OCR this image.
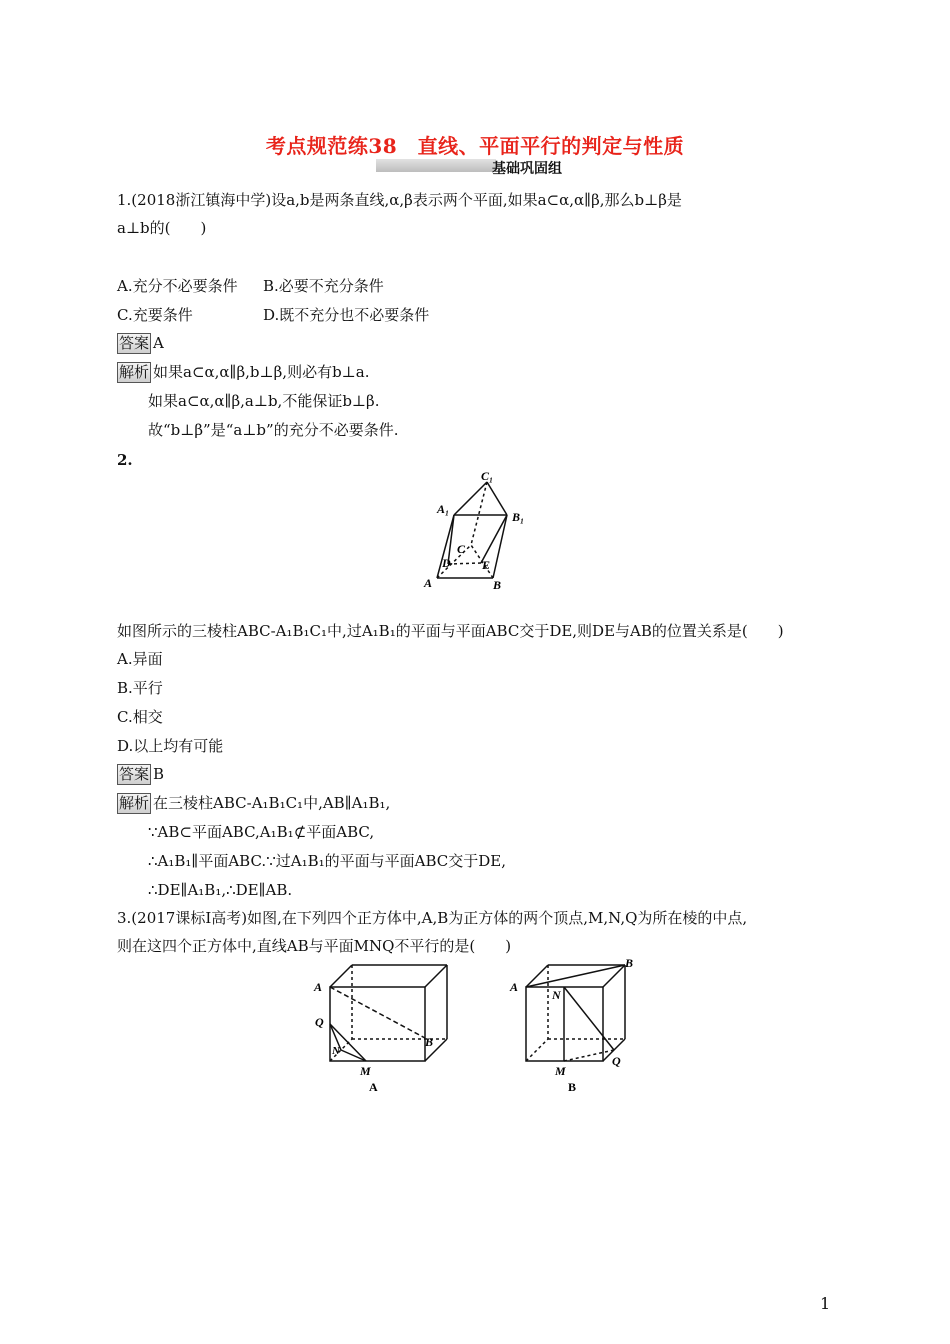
考点规范练38　直线、平面平行的判定与性质
基础巩固组
1.(2018浙江镇海中学)设a,b是两条直线,α,β表示两个平面,如果a⊂α,α∥β,那么b⊥β是
a⊥b的(　　)
A.充分不必要条件 B.必要不充分条件
C.充要条件	D.既不充分也不必要条件
答案 A
解析 如果a⊂α,α∥β,b⊥β,则必有b⊥a.
如果a⊂α,α∥β,a⊥b,不能保证b⊥β.
故“b⊥β”是“a⊥b”的充分不必要条件.
2.
C₁
A₁
B₁
C
D	E
A	B
如图所示的三棱柱ABC-A₁B₁C₁中,过A₁B₁的平面与平面ABC交于DE,则DE与AB的位置关系是(　　)
A.异面
B.平行
C.相交
D.以上均有可能
答案 B
解析 在三棱柱ABC-A₁B₁C₁中,AB∥A₁B₁,
∵AB⊂平面ABC,A₁B₁⊄平面ABC,
∴A₁B₁∥平面ABC.∵过A₁B₁的平面与平面ABC交于DE,
∴DE∥A₁B₁,∴DE∥AB.
3.(2017课标Ⅰ高考)如图,在下列四个正方体中,A,B为正方体的两个顶点,M,N,Q为所在棱的中点,
则在这四个正方体中,直线AB与平面MNQ不平行的是(　　)
A
Q
N
M
B
A
A
B
N
M
Q
B
1
